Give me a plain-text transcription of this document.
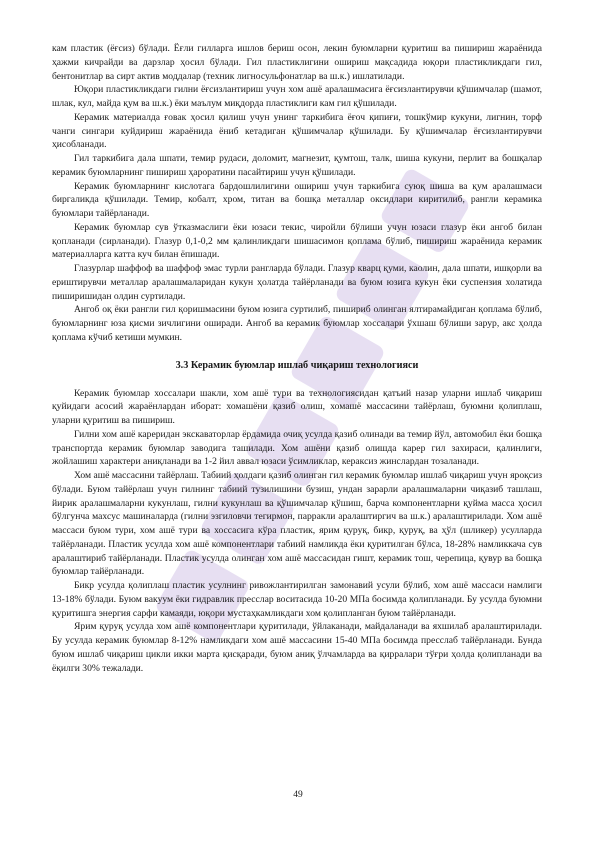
кам пластик (ёғсиз) бўлади. Ёғли гилларга ишлов бериш осон, лекин буюмларни қуритиш ва пишириш жараёнида ҳажми кичрайди ва дарзлар ҳосил бўлади. Гил пластиклигини ошириш мақсадида юқори пластикликдаги гил, бентонитлар ва сирт актив моддалар (техник лигносульфонатлар ва ш.к.) ишлатилади.

Юқори пластикликдаги гилни ёғсизлантириш учун хом ашё аралашмасига ёғсизлантирувчи қўшимчалар (шамот, шлак, кул, майда қум ва ш.к.) ёки маълум миқдорда пластиклиги кам гил қўшилади.

Керамик материалда ғовак ҳосил қилиш учун унинг таркибига ёғоч қипиғи, тошкўмир кукуни, лигнин, торф чанги сингари куйдириш жараёнида ёниб кетадиган қўшимчалар қўшилади. Бу қўшимчалар ёғсизлантирувчи ҳисобланади.

Гил таркибига дала шпати, темир рудаси, доломит, магнезит, қумтош, талк, шиша кукуни, перлит ва бошқалар керамик буюмларнинг пишириш ҳароратини пасайтириш учун қўшилади.

Керамик буюмларнинг кислотага бардошлилигини ошириш учун таркибига суюқ шиша ва қум аралашмаси биргаликда қўшилади. Темир, кобалт, хром, титан ва бошқа металлар оксидлари киритилиб, рангли керамика буюмлари тайёрланади.

Керамик буюмлар сув ўтказмаслиги ёки юзаси текис, чиройли бўлиши учун юзаси глазур ёки ангоб билан қопланади (сирланади). Глазур 0,1-0,2 мм қалинликдаги шишасимон қоплама бўлиб, пишириш жараёнида керамик материалларга катта куч билан ёпишади.

Глазурлар шаффоф ва шаффоф эмас турли рангларда бўлади. Глазур кварц қуми, каолин, дала шпати, ишқорли ва ериштирувчи металлар аралашмаларидан кукун ҳолатда тайёрланади ва буюм юзига кукун ёки суспензия холатида пиширишидан олдин суртилади.

Ангоб оқ ёки рангли гил қоришмасини буюм юзига суртилиб, пишириб олинган ялтирамайдиган қоплама бўлиб, буюмларнинг юза қисми зичлигини оширади. Ангоб ва керамик буюмлар хоссалари ўхшаш бўлиши зарур, акс ҳолда қоплама кўчиб кетиши мумкин.

3.3 Керамик буюмлар ишлаб чиқариш технологияси

Керамик буюмлар хоссалари шакли, хом ашё тури ва технологиясидан қатъий назар уларни ишлаб чиқариш қуйидаги асосий жараёнлардан иборат: хомашёни қазиб олиш, хомашё массасини тайёрлаш, буюмни қолиплаш, уларни қуритиш ва пишириш.

Гилни хом ашё кареридан экскаваторлар ёрдамида очиқ усулда қазиб олинади ва темир йўл, автомобил ёки бошқа транспортда керамик буюмлар заводига ташилади. Хом ашёни қазиб олишда карер гил захираси, қалинлиги, жойлашиш характери аниқланади ва 1-2 йил аввал юзаси ўсимликлар, кераксиз жинслардан тозаланади.

Хом ашё массасини тайёрлаш. Табиий ҳолдаги қазиб олинган гил керамик буюмлар ишлаб чиқариш учун яроқсиз бўлади. Буюм тайёрлаш учун гилнинг табиий тузилишини бузиш, ундан зарарли аралашмаларни чиқазиб ташлаш, йирик аралашмаларни кукунлаш, гилни кукунлаш ва қўшимчалар қўшиш, барча компонентларни қуйма масса ҳосил бўлгунча махсус машиналарда (гилни эзгиловчи тегирмон, парракли аралаштиргич ва ш.к.) аралаштирилади. Хом ашё массаси буюм тури, хом ашё тури ва хоссасига кўра пластик, ярим қуруқ, бикр, қуруқ, ва ҳўл (шликер) усулларда тайёрланади. Пластик усулда хом ашё компонентлари табиий намликда ёки қуритилган бўлса, 18-28% намликкача сув аралаштириб тайёрланади. Пластик усулда олинган хом ашё массасидан гишт, керамик тош, черепица, қувур ва бошқа буюмлар тайёрланади.

Бикр усулда қолиплаш пластик усулнинг ривожлантирилган замонавий усули бўлиб, хом ашё массаси намлиги 13-18% бўлади. Буюм вакуум ёки гидравлик пресслар воситасида 10-20 МПа босимда қолипланади. Бу усулда буюмни қуритишга энергия сарфи камаяди, юқори мустаҳкамликдаги хом қолипланган буюм тайёрланади.

Ярим қуруқ усулда хом ашё компонентлари қуритилади, ўйлаканади, майдаланади ва яхшилаб аралаштирилади. Бу усулда керамик буюмлар 8-12% намликдаги хом ашё массасини 15-40 МПа босимда пресслаб тайёрланади. Бунда буюм ишлаб чиқариш цикли икки марта қисқаради, буюм аниқ ўлчамларда ва қирралари тўғри ҳолда қолипланади ва ёқилги 30% тежалади.

49
